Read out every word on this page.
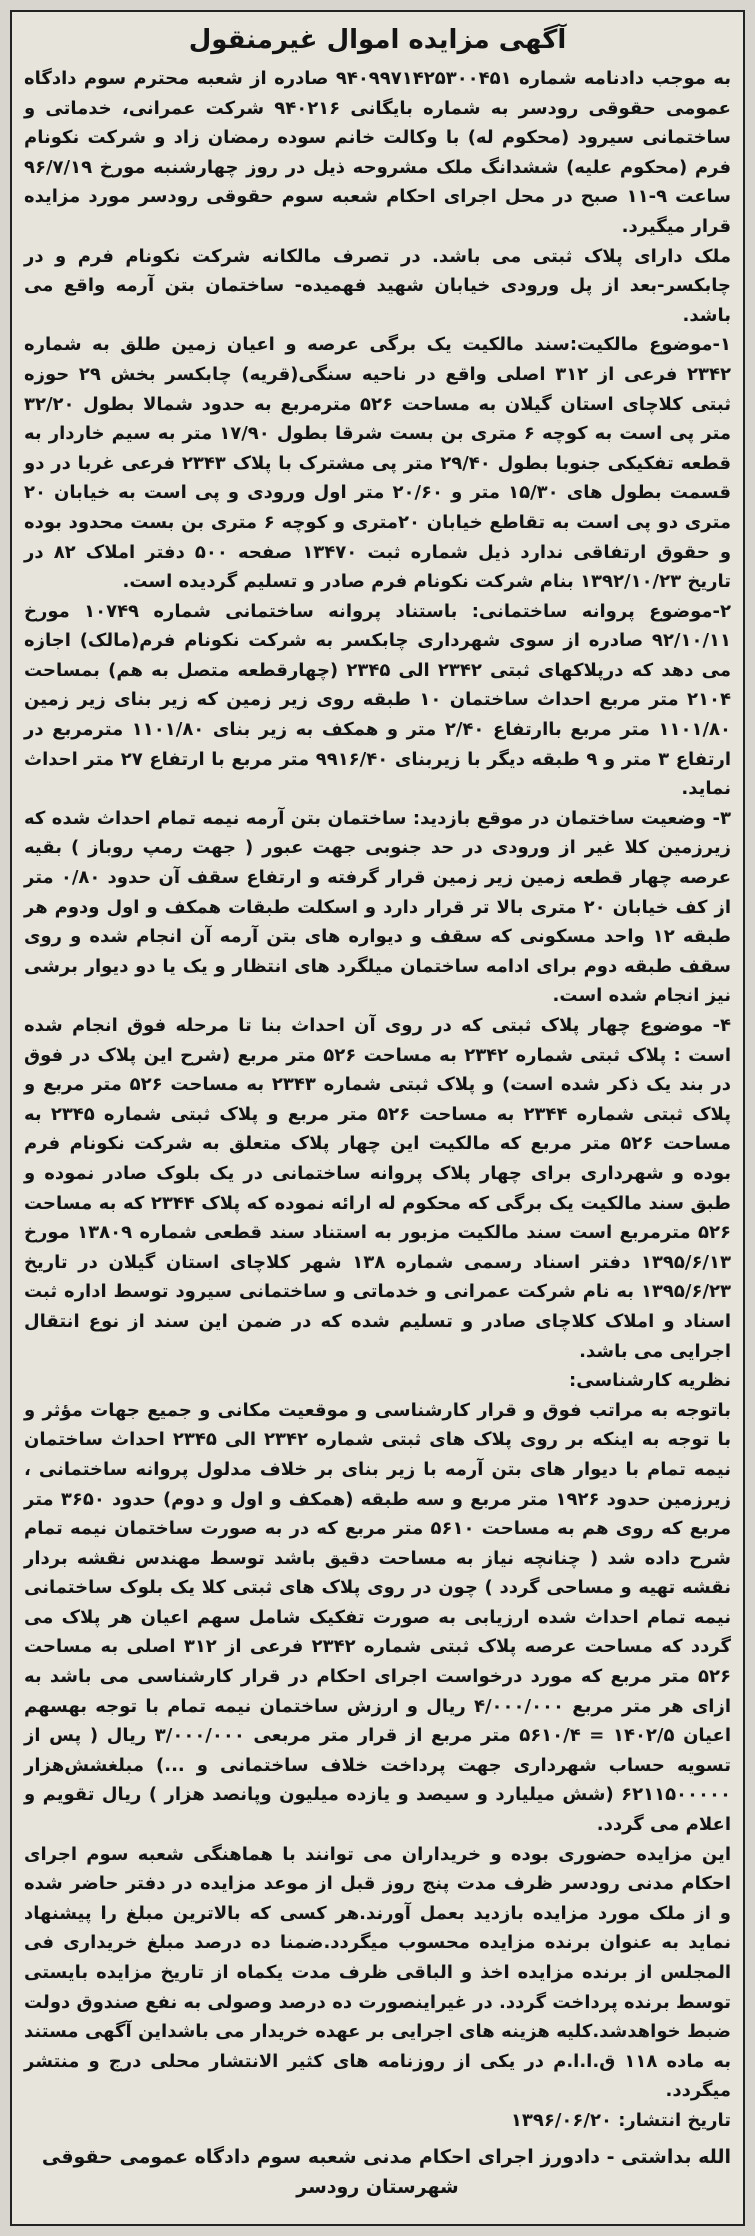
آگهی مزایده اموال غیرمنقول

به موجب دادنامه شماره ۹۴۰۹۹۷۱۴۲۵۳۰۰۴۵۱ صادره از شعبه محترم سوم دادگاه عمومی حقوقی رودسر به شماره بایگانی ۹۴۰۲۱۶ شرکت عمرانی، خدماتی و ساختمانی سیرود (محکوم له) با وکالت خانم سوده رمضان زاد و شرکت نکونام فرم (محکوم علیه) ششدانگ ملک مشروحه ذیل در روز چهارشنبه مورخ ۹۶/۷/۱۹ ساعت ۹-۱۱ صبح در محل اجرای احکام شعبه سوم حقوقی رودسر مورد مزایده قرار میگیرد.

ملک دارای پلاک ثبتی می باشد. در تصرف مالکانه شرکت نکونام فرم و در چابکسر-بعد از پل ورودی خیابان شهید فهمیده- ساختمان بتن آرمه واقع می باشد.

۱-موضوع مالکیت:سند مالکیت یک برگی عرصه و اعیان زمین طلق به شماره ۲۳۴۲ فرعی از ۳۱۲ اصلی واقع در ناحیه سنگی(قریه) چابکسر بخش ۲۹ حوزه ثبتی کلاچای استان گیلان به مساحت ۵۲۶ مترمربع به حدود شمالا بطول ۳۲/۲۰ متر پی است به کوچه ۶ متری بن بست شرقا بطول ۱۷/۹۰ متر به سیم خاردار به قطعه تفکیکی جنوبا بطول ۲۹/۴۰ متر پی مشترک با پلاک ۲۳۴۳ فرعی غربا در دو قسمت بطول های ۱۵/۳۰ متر و ۲۰/۶۰ متر اول ورودی و پی است به خیابان ۲۰ متری دو پی است به تقاطع خیابان ۲۰متری و کوچه ۶ متری بن بست محدود بوده و حقوق ارتفاقی ندارد ذیل شماره ثبت ۱۳۴۷۰ صفحه ۵۰۰ دفتر املاک ۸۲ در تاریخ ۱۳۹۲/۱۰/۲۳ بنام شرکت نکونام فرم صادر و تسلیم گردیده است.

۲-موضوع پروانه ساختمانی: باستناد پروانه ساختمانی شماره ۱۰۷۴۹ مورخ ۹۲/۱۰/۱۱ صادره از سوی شهرداری چابکسر به شرکت نکونام فرم(مالک) اجازه می دهد که درپلاکهای ثبتی ۲۳۴۲ الی ۲۳۴۵ (چهارقطعه متصل به هم) بمساحت ۲۱۰۴ متر مربع احداث ساختمان ۱۰ طبقه روی زیر زمین که زیر بنای زیر زمین ۱۱۰۱/۸۰ متر مربع باارتفاع ۲/۴۰ متر و همکف به زیر بنای ۱۱۰۱/۸۰ مترمربع در ارتفاع ۳ متر و ۹ طبقه دیگر با زیربنای ۹۹۱۶/۴۰ متر مربع با ارتفاع ۲۷ متر احداث نماید.

۳- وضعیت ساختمان در موقع بازدید: ساختمان بتن آرمه نیمه تمام احداث شده که زیرزمین کلا غیر از ورودی در حد جنوبی جهت عبور ( جهت رمپ روباز ) بقیه عرصه چهار قطعه زمین زیر زمین قرار گرفته و ارتفاع سقف آن حدود ۰/۸۰ متر از کف خیابان ۲۰ متری بالا تر قرار دارد و اسکلت طبقات همکف و اول ودوم هر طبقه ۱۲ واحد مسکونی که سقف و دیواره های بتن آرمه آن انجام شده و روی سقف طبقه دوم برای ادامه ساختمان میلگرد های انتظار و یک یا دو دیوار برشی نیز انجام شده است.

۴- موضوع چهار پلاک ثبتی که در روی آن احداث بنا تا مرحله فوق انجام شده است : پلاک ثبتی شماره ۲۳۴۲ به مساحت ۵۲۶ متر مربع (شرح این پلاک در فوق در بند یک ذکر شده است) و پلاک ثبتی شماره ۲۳۴۳ به مساحت ۵۲۶ متر مربع و پلاک ثبتی شماره ۲۳۴۴ به مساحت ۵۲۶ متر مربع و پلاک ثبتی شماره ۲۳۴۵ به مساحت ۵۲۶ متر مربع که مالکیت این چهار پلاک متعلق به شرکت نکونام فرم بوده و شهرداری برای چهار پلاک پروانه ساختمانی در یک بلوک صادر نموده و طبق سند مالکیت یک برگی که محکوم له ارائه نموده که پلاک ۲۳۴۴ که به مساحت ۵۲۶ مترمربع است سند مالکیت مزبور به استناد سند قطعی شماره ۱۳۸۰۹ مورخ ۱۳۹۵/۶/۱۳ دفتر اسناد رسمی شماره ۱۳۸ شهر کلاچای استان گیلان در تاریخ ۱۳۹۵/۶/۲۳ به نام شرکت عمرانی و خدماتی و ساختمانی سیرود توسط اداره ثبت اسناد و املاک کلاچای صادر و تسلیم شده که در ضمن این سند از نوع انتقال اجرایی می باشد.

نظریه کارشناسی:

باتوجه به مراتب فوق و قرار کارشناسی و موقعیت مکانی و جمیع جهات مؤثر و با توجه به اینکه بر روی پلاک های ثبتی شماره ۲۳۴۲ الی ۲۳۴۵ احداث ساختمان نیمه تمام با دیوار های بتن آرمه با زیر بنای بر خلاف مدلول پروانه ساختمانی ، زیرزمین حدود ۱۹۲۶ متر مربع و سه طبقه (همکف و اول و دوم) حدود ۳۶۵۰ متر مربع که روی هم به مساحت ۵۶۱۰ متر مربع که در به صورت ساختمان نیمه تمام شرح داده شد ( چنانچه نیاز به مساحت دقیق باشد توسط مهندس نقشه بردار نقشه تهیه و مساحی گردد ) چون در روی پلاک های ثبتی کلا یک بلوک ساختمانی نیمه تمام احداث شده ارزیابی به صورت تفکیک شامل سهم اعیان هر پلاک می گردد که مساحت عرصه پلاک ثبتی شماره ۲۳۴۲ فرعی از ۳۱۲ اصلی به مساحت ۵۲۶ متر مربع که مورد درخواست اجرای احکام در قرار کارشناسی می باشد به ازای هر متر مربع ۴/۰۰۰/۰۰۰ ریال و ارزش ساختمان نیمه تمام با توجه بهسهم اعیان ۱۴۰۲/۵ = ۵۶۱۰/۴ متر مربع از قرار متر مربعی ۳/۰۰۰/۰۰۰ ریال ( پس از تسویه حساب شهرداری جهت پرداخت خلاف ساختمانی و ...) مبلغشش‌هزار ۶۲۱۱۵۰۰۰۰۰ (شش میلیارد و سیصد و یازده میلیون وپانصد هزار ) ریال تقویم و اعلام می گردد.

این مزایده حضوری بوده و خریداران می توانند با هماهنگی شعبه سوم اجرای احکام مدنی رودسر ظرف مدت پنج روز قبل از موعد مزایده در دفتر حاضر شده و از ملک مورد مزایده بازدید بعمل آورند.هر کسی که بالاترین مبلغ را پیشنهاد نماید به عنوان برنده مزایده محسوب میگردد.ضمنا ده درصد مبلغ خریداری فی المجلس از برنده مزایده اخذ و الباقی ظرف مدت یکماه از تاریخ مزایده بایستی توسط برنده پرداخت گردد. در غیراینصورت ده درصد وصولی به نفع صندوق دولت ضبط خواهدشد.کلیه هزینه های اجرایی بر عهده خریدار می باشداین آگهی مستند به ماده ۱۱۸ ق.ا.ا.م در یکی از روزنامه های کثیر الانتشار محلی درج و منتشر میگردد.

تاریخ انتشار: ۱۳۹۶/۰۶/۲۰

الله بداشتی - دادورز اجرای احکام مدنی شعبه سوم دادگاه عمومی حقوقی
شهرستان رودسر
